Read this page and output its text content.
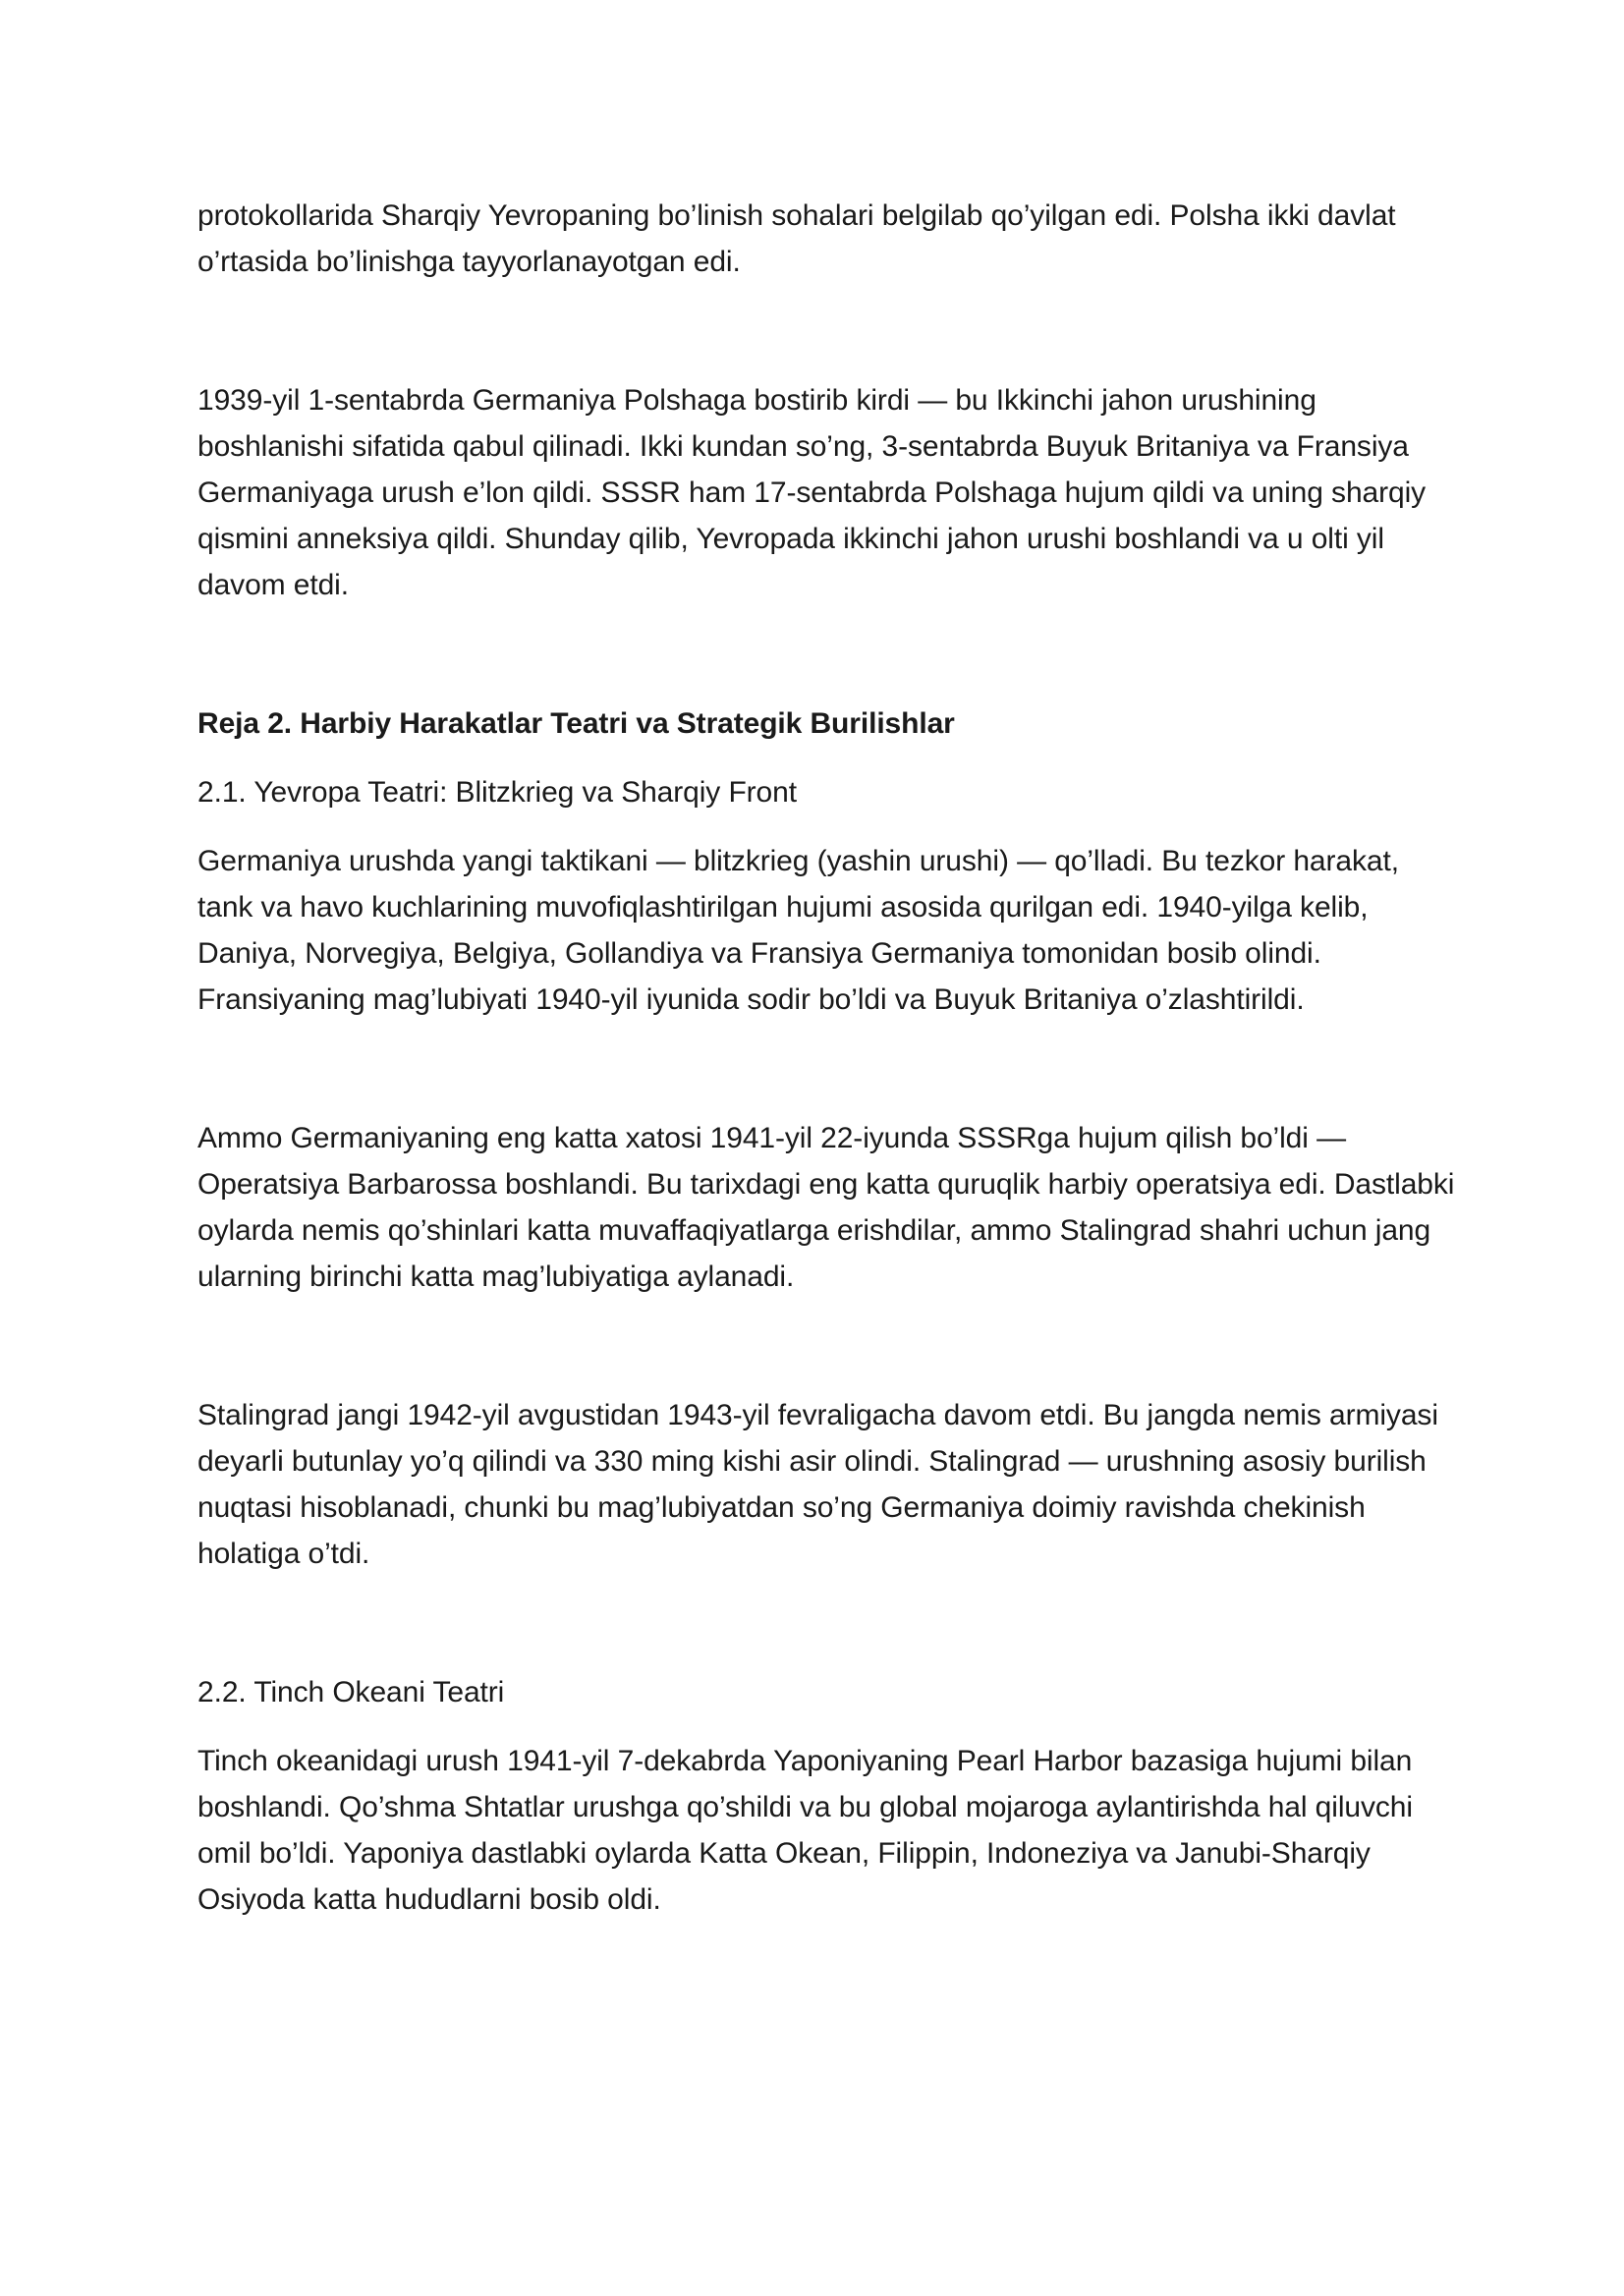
protokollarida Sharqiy Yevropaning bo’linish sohalari belgilab qo’yilgan edi. Polsha ikki davlat o’rtasida bo’linishga tayyorlanayotgan edi.

1939-yil 1-sentabrda Germaniya Polshaga bostirib kirdi — bu Ikkinchi jahon urushining boshlanishi sifatida qabul qilinadi. Ikki kundan so’ng, 3-sentabrda Buyuk Britaniya va Fransiya Germaniyaga urush e’lon qildi. SSSR ham 17-sentabrda Polshaga hujum qildi va uning sharqiy qismini anneksiya qildi. Shunday qilib, Yevropada ikkinchi jahon urushi boshlandi va u olti yil davom etdi.

Reja 2. Harbiy Harakatlar Teatri va Strategik Burilishlar

2.1. Yevropa Teatri: Blitzkrieg va Sharqiy Front

Germaniya urushda yangi taktikani — blitzkrieg (yashin urushi) — qo’lladi. Bu tezkor harakat, tank va havo kuchlarining muvofiqlashtirilgan hujumi asosida qurilgan edi. 1940-yilga kelib, Daniya, Norvegiya, Belgiya, Gollandiya va Fransiya Germaniya tomonidan bosib olindi. Fransiyaning mag’lubiyati 1940-yil iyunida sodir bo’ldi va Buyuk Britaniya o’zlashtirildi.

Ammo Germaniyaning eng katta xatosi 1941-yil 22-iyunda SSSRga hujum qilish bo’ldi — Operatsiya Barbarossa boshlandi. Bu tarixdagi eng katta quruqlik harbiy operatsiya edi. Dastlabki oylarda nemis qo’shinlari katta muvaffaqiyatlarga erishdilar, ammo Stalingrad shahri uchun jang ularning birinchi katta mag’lubiyatiga aylanadi.

Stalingrad jangi 1942-yil avgustidan 1943-yil fevraligacha davom etdi. Bu jangda nemis armiyasi deyarli butunlay yo’q qilindi va 330 ming kishi asir olindi. Stalingrad — urushning asosiy burilish nuqtasi hisoblanadi, chunki bu mag’lubiyatdan so’ng Germaniya doimiy ravishda chekinish holatiga o’tdi.

2.2. Tinch Okeani Teatri

Tinch okeanidagi urush 1941-yil 7-dekabrda Yaponiyaning Pearl Harbor bazasiga hujumi bilan boshlandi. Qo’shma Shtatlar urushga qo’shildi va bu global mojaroga aylantirishda hal qiluvchi omil bo’ldi. Yaponiya dastlabki oylarda Katta Okean, Filippin, Indoneziya va Janubi-Sharqiy Osiyoda katta hududlarni bosib oldi.
